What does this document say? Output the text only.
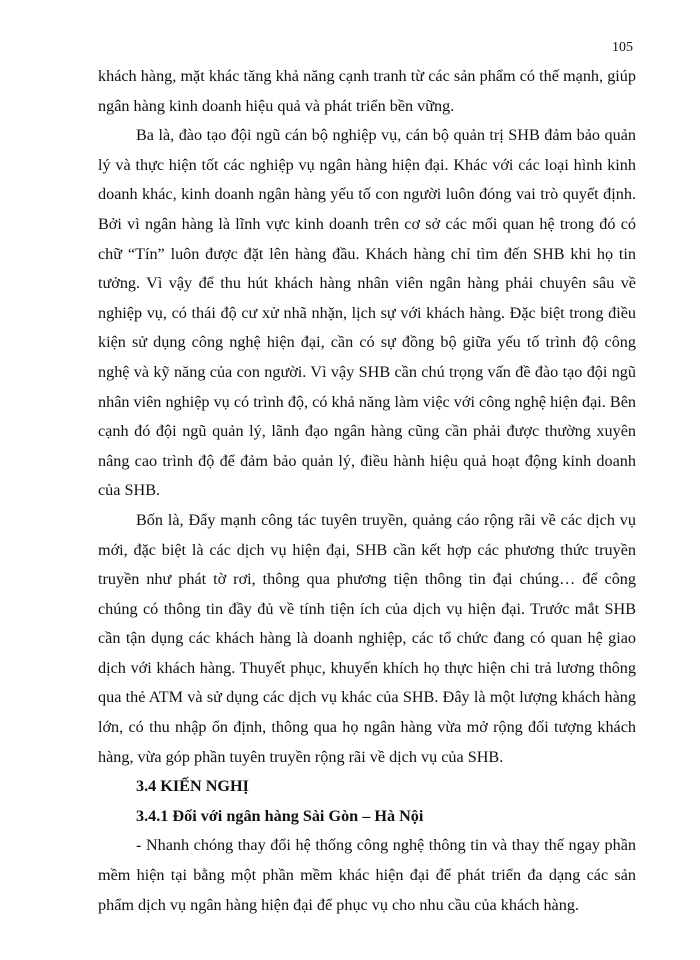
105

khách hàng, mặt khác tăng khả năng cạnh tranh từ các sản phẩm có thế mạnh, giúp ngân hàng kinh doanh hiệu quả và phát triển bền vững.

Ba là, đào tạo đội ngũ cán bộ nghiệp vụ, cán bộ quản trị SHB đảm bảo quản lý và thực hiện tốt các nghiệp vụ ngân hàng hiện đại. Khác với các loại hình kinh doanh khác, kinh doanh ngân hàng yếu tố con người luôn đóng vai trò quyết định. Bởi vì ngân hàng là lĩnh vực kinh doanh trên cơ sở các mối quan hệ trong đó có chữ “Tín” luôn được đặt lên hàng đầu. Khách hàng chỉ tìm đến SHB khi họ tin tưởng. Vì vậy để thu hút khách hàng nhân viên ngân hàng phải chuyên sâu về nghiệp vụ, có thái độ cư xử nhã nhặn, lịch sự với khách hàng. Đặc biệt trong điều kiện sử dụng công nghệ hiện đại, cần có sự đồng bộ giữa yếu tố trình độ công nghệ và kỹ năng của con người. Vì vậy SHB cần chú trọng vấn đề đào tạo đội ngũ nhân viên nghiệp vụ có trình độ, có khả năng làm việc với công nghệ hiện đại. Bên cạnh đó đội ngũ quản lý, lãnh đạo ngân hàng cũng cần phải được thường xuyên nâng cao trình độ để đảm bảo quản lý, điều hành hiệu quả hoạt động kinh doanh của SHB.

Bốn là, Đẩy mạnh công tác tuyên truyền, quảng cáo rộng rãi về các dịch vụ mới, đặc biệt là các dịch vụ hiện đại, SHB cần kết hợp các phương thức truyền truyền như phát tờ rơi, thông qua phương tiện thông tin đại chúng… để công chúng có thông tin đầy đủ về tính tiện ích của dịch vụ hiện đại. Trước mắt SHB cần tận dụng các khách hàng là doanh nghiệp, các tổ chức đang có quan hệ giao dịch với khách hàng. Thuyết phục, khuyến khích họ thực hiện chi trả lương thông qua thẻ ATM và sử dụng các dịch vụ khác của SHB. Đây là một lượng khách hàng lớn, có thu nhập ổn định, thông qua họ ngân hàng vừa mở rộng đối tượng khách hàng, vừa góp phần tuyên truyền rộng rãi về dịch vụ của SHB.

3.4 KIẾN NGHỊ

3.4.1 Đối với ngân hàng Sài Gòn – Hà Nội

- Nhanh chóng thay đổi hệ thống công nghệ thông tin và thay thế ngay phần mềm hiện tại bằng một phần mềm khác hiện đại để phát triển đa dạng các sản phẩm dịch vụ ngân hàng hiện đại để phục vụ cho nhu cầu của khách hàng.
